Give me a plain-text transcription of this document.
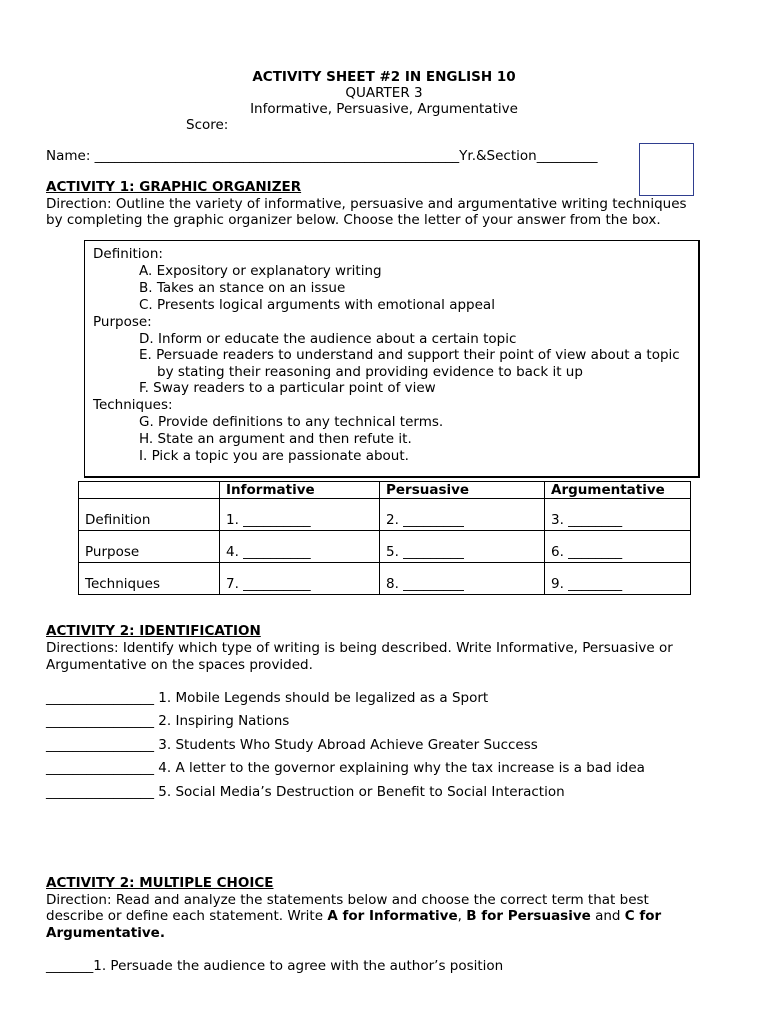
ACTIVITY SHEET #2 IN ENGLISH 10
QUARTER 3
Informative, Persuasive, Argumentative
Score:
Name: ______________________________________________________Yr.&Section_________
ACTIVITY 1: GRAPHIC ORGANIZER
Direction: Outline the variety of informative, persuasive and argumentative writing techniques
by completing the graphic organizer below. Choose the letter of your answer from the box.
Definition:
A. Expository or explanatory writing
B. Takes an stance on an issue
C. Presents logical arguments with emotional appeal
Purpose:
D. Inform or educate the audience about a certain topic
E. Persuade readers to understand and support their point of view about a topic
by stating their reasoning and providing evidence to back it up
F. Sway readers to a particular point of view
Techniques:
G. Provide definitions to any technical terms.
H. State an argument and then refute it.
I. Pick a topic you are passionate about.
	Informative	Persuasive	Argumentative
Definition	1. __________	2. _________	3. ________
Purpose	4. __________	5. _________	6. ________
Techniques	7. __________	8. _________	9. ________
ACTIVITY 2: IDENTIFICATION
Directions: Identify which type of writing is being described. Write Informative, Persuasive or
Argumentative on the spaces provided.
________________ 1. Mobile Legends should be legalized as a Sport
________________ 2. Inspiring Nations
________________ 3. Students Who Study Abroad Achieve Greater Success
________________ 4. A letter to the governor explaining why the tax increase is a bad idea
________________ 5. Social Media’s Destruction or Benefit to Social Interaction
ACTIVITY 2: MULTIPLE CHOICE
Direction: Read and analyze the statements below and choose the correct term that best
describe or define each statement. Write A for Informative, B for Persuasive and C for
Argumentative.
_______1. Persuade the audience to agree with the author’s position
